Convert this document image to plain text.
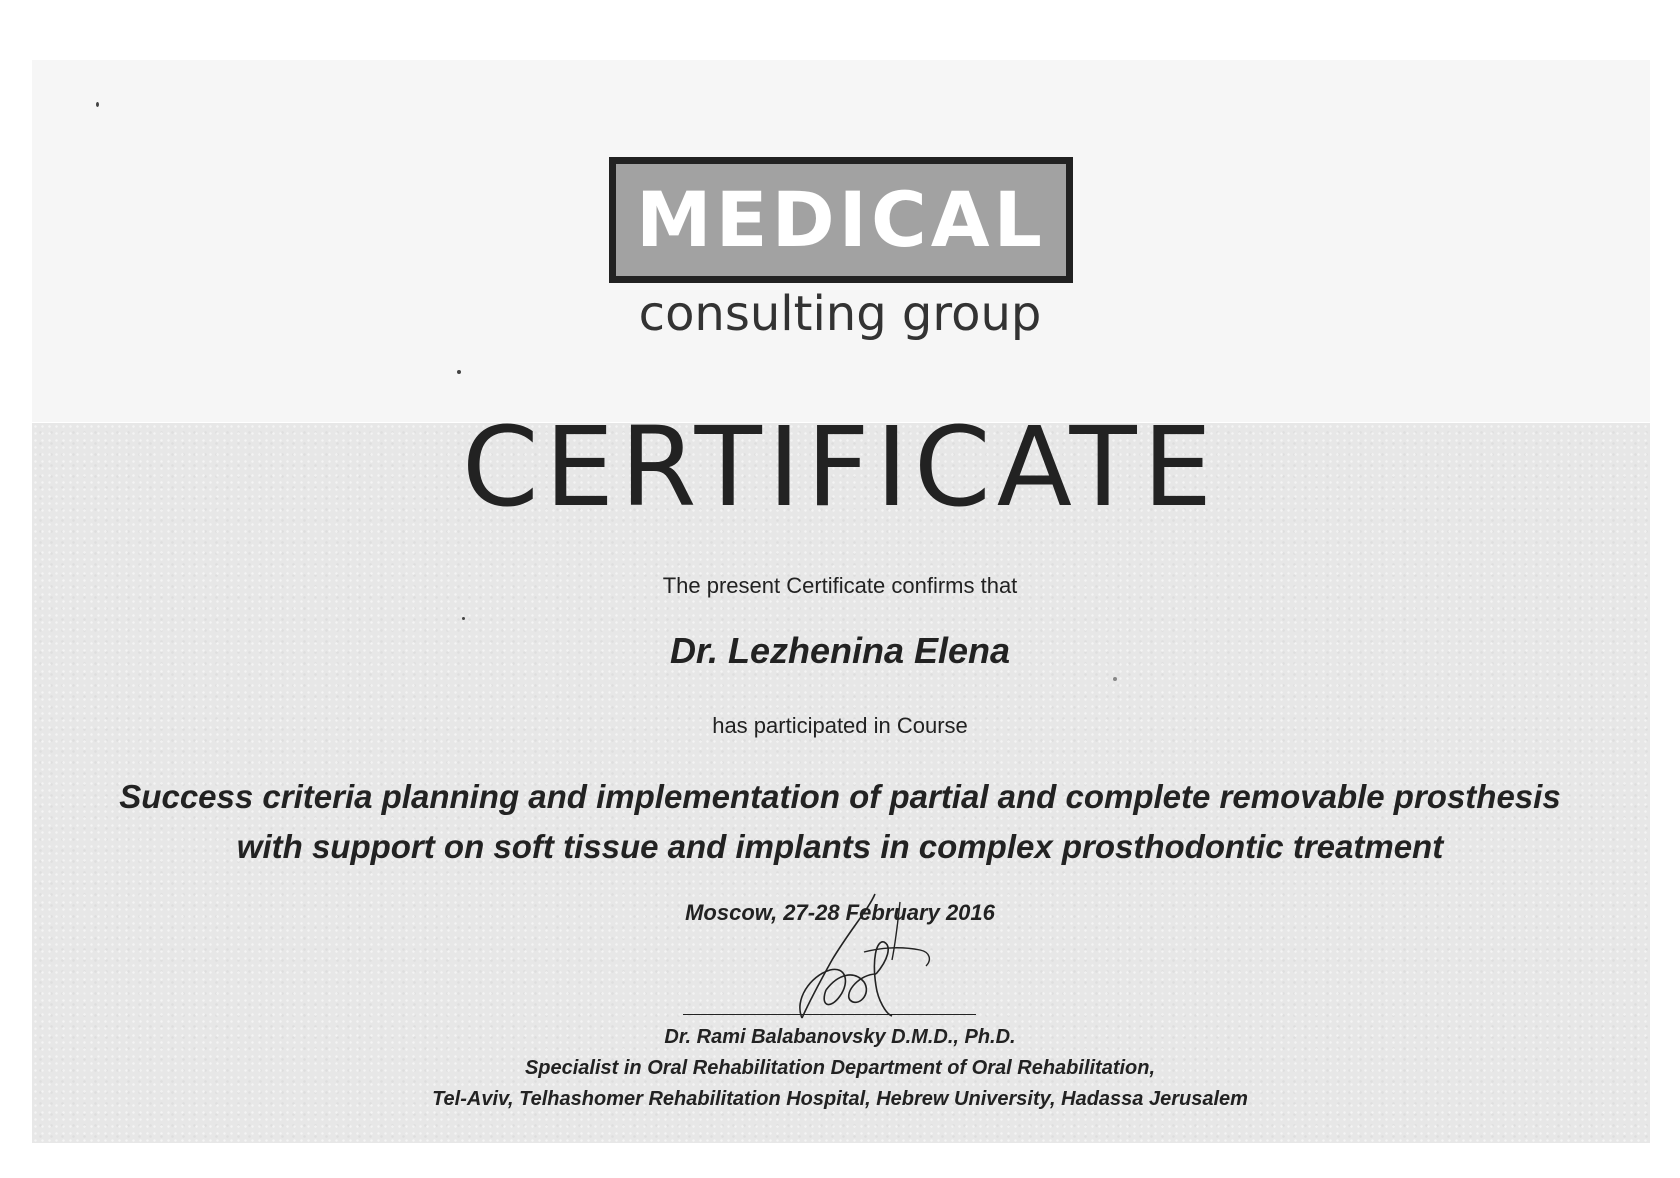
MEDICAL
consulting group
CERTIFICATE
The present Certificate confirms that
Dr. Lezhenina Elena
has participated in Course
Success criteria planning and implementation of partial and complete removable prosthesis
with support on soft tissue and implants in complex prosthodontic treatment
Moscow, 27-28 February 2016
Dr. Rami Balabanovsky D.M.D., Ph.D.
Specialist in Oral Rehabilitation Department of Oral Rehabilitation,
Tel-Aviv, Telhashomer Rehabilitation Hospital, Hebrew University, Hadassa Jerusalem
